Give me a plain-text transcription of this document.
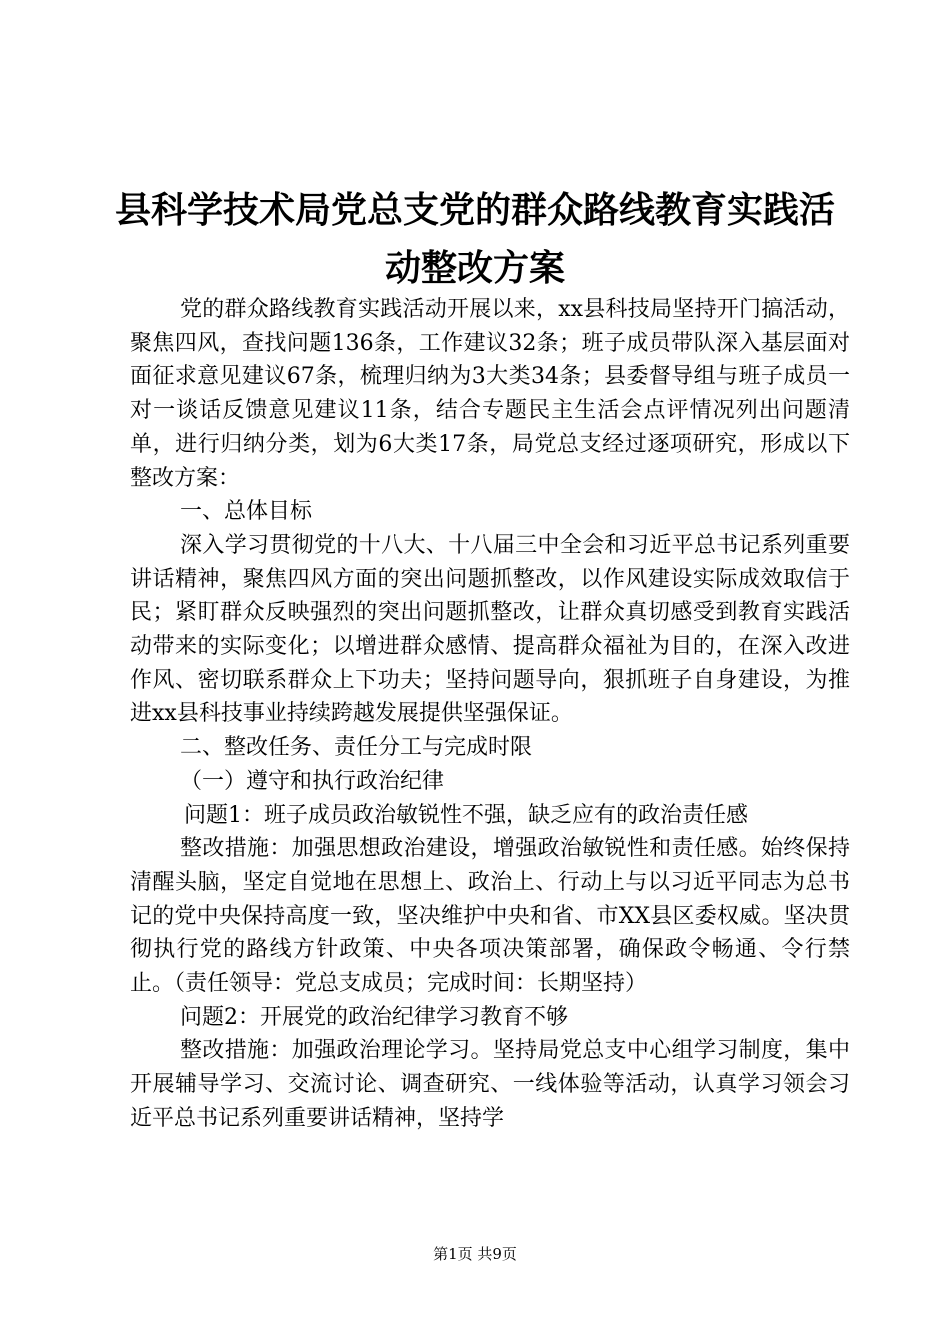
县科学技术局党总支党的群众路线教育实践活
动整改方案

党的群众路线教育实践活动开展以来，xx县科技局坚持开门搞活动，聚焦四风，查找问题136条，工作建议32条；班子成员带队深入基层面对面征求意见建议67条，梳理归纳为3大类34条；县委督导组与班子成员一对一谈话反馈意见建议11条，结合专题民主生活会点评情况列出问题清单，进行归纳分类，划为6大类17条，局党总支经过逐项研究，形成以下整改方案：

一、总体目标

深入学习贯彻党的十八大、十八届三中全会和习近平总书记系列重要讲话精神，聚焦四风方面的突出问题抓整改，以作风建设实际成效取信于民；紧盯群众反映强烈的突出问题抓整改，让群众真切感受到教育实践活动带来的实际变化；以增进群众感情、提高群众福祉为目的，在深入改进作风、密切联系群众上下功夫；坚持问题导向，狠抓班子自身建设，为推进xx县科技事业持续跨越发展提供坚强保证。

二、整改任务、责任分工与完成时限

（一）遵守和执行政治纪律

问题1：班子成员政治敏锐性不强，缺乏应有的政治责任感

整改措施：加强思想政治建设，增强政治敏锐性和责任感。始终保持清醒头脑，坚定自觉地在思想上、政治上、行动上与以习近平同志为总书记的党中央保持高度一致，坚决维护中央和省、市XX县区委权威。坚决贯彻执行党的路线方针政策、中央各项决策部署，确保政令畅通、令行禁止。（责任领导：党总支成员；完成时间：长期坚持）

问题2：开展党的政治纪律学习教育不够

整改措施：加强政治理论学习。坚持局党总支中心组学习制度，集中开展辅导学习、交流讨论、调查研究、一线体验等活动，认真学习领会习近平总书记系列重要讲话精神，坚持学

第1页 共9页
